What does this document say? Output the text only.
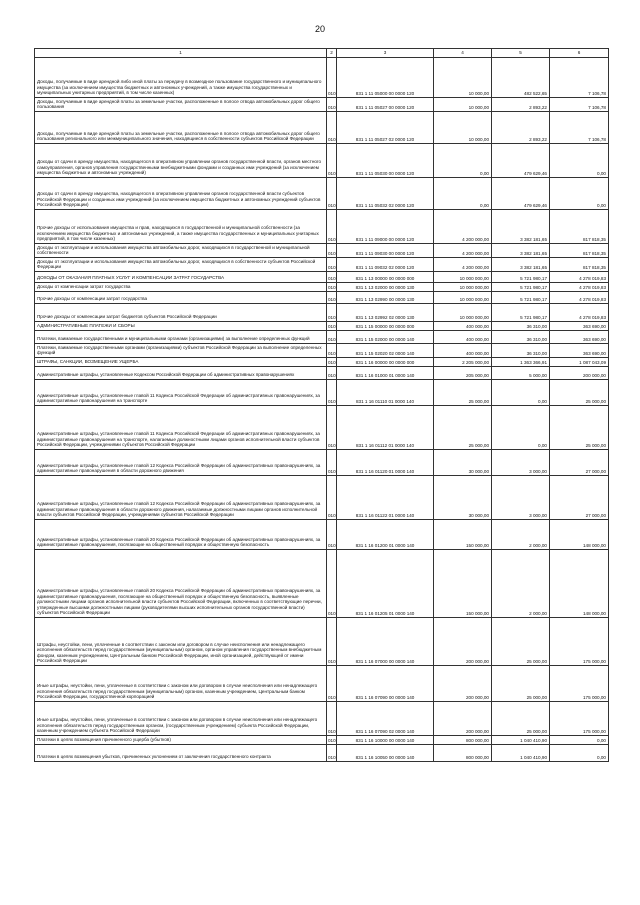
20
1	2	3	4	5	6
Доходы, получаемые в виде арендной либо иной платы за передачу в возмездное пользование государственного и муниципального имущества (за исключением имущества бюджетных и автономных учреждений, а также имущества государственных и муниципальных унитарных предприятий, в том числе казенных)	010	831 1 11 05000 00 0000 120	10 000,00	482 522,65	7 106,78
Доходы, получаемые в виде арендной платы за земельные участки, расположенные в полосе отвода автомобильных дорог общего пользования	010	831 1 11 05027 00 0000 120	10 000,00	2 893,22	7 106,78
Доходы, получаемые в виде арендной платы за земельные участки, расположенные в полосе отвода автомобильных дорог общего пользования регионального или межмуниципального значения, находящиеся в собственности субъектов Российской Федерации	010	831 1 11 05027 02 0000 120	10 000,00	2 893,22	7 106,78
Доходы от сдачи в аренду имущества, находящегося в оперативном управлении органов государственной власти, органов местного самоуправления, органов управления государственными внебюджетными фондами и созданных ими учреждений (за исключением имущества бюджетных и автономных учреждений)	010	831 1 11 05030 00 0000 120	0,00	479 629,46	0,00
Доходы от сдачи в аренду имущества, находящегося в оперативном управлении органов государственной власти субъектов Российской Федерации и созданных ими учреждений (за исключением имущества бюджетных и автономных учреждений субъектов Российской Федерации)	010	831 1 11 05032 02 0000 120	0,00	479 629,46	0,00
Прочие доходы от использования имущества и прав, находящихся в государственной и муниципальной собственности (за исключением имущества бюджетных и автономных учреждений, а также имущества государственных и муниципальных унитарных предприятий, в том числе казенных)	010	831 1 11 09000 00 0000 120	4 200 000,00	3 382 181,65	817 818,35
Доходы от эксплуатации и использования имущества автомобильных дорог, находящихся в государственной и муниципальной собственности	010	831 1 11 09030 00 0000 120	4 200 000,00	3 382 181,65	817 818,35
Доходы от эксплуатации и использования имущества автомобильных дорог, находящихся в собственности субъектов Российской Федерации	010	831 1 11 09032 02 0000 120	4 200 000,00	3 382 181,65	817 818,35
ДОХОДЫ ОТ ОКАЗАНИЯ ПЛАТНЫХ УСЛУГ И КОМПЕНСАЦИИ ЗАТРАТ ГОСУДАРСТВА	010	831 1 13 00000 00 0000 000	10 000 000,00	5 721 980,17	4 278 019,83
Доходы от компенсации затрат государства	010	831 1 13 02000 00 0000 130	10 000 000,00	5 721 980,17	4 278 019,83
Прочие доходы от компенсации затрат государства	010	831 1 13 02990 00 0000 130	10 000 000,00	5 721 980,17	4 278 019,83
Прочие доходы от компенсации затрат бюджетов субъектов Российской Федерации	010	831 1 13 02992 02 0000 130	10 000 000,00	5 721 980,17	4 278 019,83
АДМИНИСТРАТИВНЫЕ ПЛАТЕЖИ И СБОРЫ	010	831 1 15 00000 00 0000 000	400 000,00	36 310,00	363 690,00
Платежи, взимаемые государственными и муниципальными органами (организациями) за выполнение определенных функций	010	831 1 15 02000 00 0000 140	400 000,00	36 310,00	363 690,00
Платежи, взимаемые государственными органами (организациями) субъектов Российской Федерации за выполнение определенных функций	010	831 1 15 02020 02 0000 140	400 000,00	36 310,00	363 690,00
ШТРАФЫ, САНКЦИИ, ВОЗМЕЩЕНИЕ УЩЕРБА	010	831 1 16 00000 00 0000 000	2 205 000,00	1 363 366,91	1 087 043,09
Административные штрафы, установленные Кодексом Российской Федерации об административных правонарушениях	010	831 1 16 01000 01 0000 140	205 000,00	5 000,00	200 000,00
Административные штрафы, установленные главой 11 Кодекса Российской Федерации об административных правонарушениях, за административные правонарушения на транспорте	010	831 1 16 01110 01 0000 140	25 000,00	0,00	25 000,00
Административные штрафы, установленные главой 11 Кодекса Российской Федерации об административных правонарушениях, за административные правонарушения на транспорте, налагаемые должностными лицами органов исполнительной власти субъектов Российской Федерации, учреждениями субъектов Российской Федерации	010	831 1 16 01112 01 0000 140	25 000,00	0,00	25 000,00
Административные штрафы, установленные главой 12 Кодекса Российской Федерации об административных правонарушениях, за административные правонарушения в области дорожного движения	010	831 1 16 01120 01 0000 140	30 000,00	3 000,00	27 000,00
Административные штрафы, установленные главой 12 Кодекса Российской Федерации об административных правонарушениях, за административные правонарушения в области дорожного движения, налагаемые должностными лицами органов исполнительной власти субъектов Российской Федерации, учреждениями субъектов Российской Федерации	010	831 1 16 01122 01 0000 140	30 000,00	3 000,00	27 000,00
Административные штрафы, установленные главой 20 Кодекса Российской Федерации об административных правонарушениях, за административные правонарушения, посягающие на общественный порядок и общественную безопасность	010	831 1 16 01200 01 0000 140	150 000,00	2 000,00	148 000,00
Административные штрафы, установленные главой 20 Кодекса Российской Федерации об административных правонарушениях, за административные правонарушения, посягающие на общественный порядок и общественную безопасность, выявленные должностными лицами органов исполнительной власти субъектов Российской Федерации, включенных в соответствующие перечни, утвержденные высшими должностными лицами (руководителями высших исполнительных органов государственной власти) субъектов Российской Федерации	010	831 1 16 01205 01 0000 140	150 000,00	2 000,00	148 000,00
Штрафы, неустойки, пени, уплаченные в соответствии с законом или договором в случае неисполнения или ненадлежащего исполнения обязательств перед государственным (муниципальным) органом, органом управления государственным внебюджетным фондом, казенным учреждением, Центральным банком Российской Федерации, иной организацией, действующей от имени Российской Федерации	010	831 1 16 07000 00 0000 140	200 000,00	25 000,00	175 000,00
Иные штрафы, неустойки, пени, уплаченные в соответствии с законом или договором в случае неисполнения или ненадлежащего исполнения обязательств перед государственным (муниципальным) органом, казенным учреждением, Центральным банком Российской Федерации, государственной корпорацией	010	831 1 16 07090 00 0000 140	200 000,00	25 000,00	175 000,00
Иные штрафы, неустойки, пени, уплаченные в соответствии с законом или договором в случае неисполнения или ненадлежащего исполнения обязательств перед государственным органом, (государственным учреждением) субъекта Российской Федерации, казенным учреждением субъекта Российской Федерации	010	831 1 16 07090 02 0000 140	200 000,00	25 000,00	175 000,00
Платежи в целях возмещения причиненного ущерба (убытков)	010	831 1 16 10000 00 0000 140	800 000,00	1 040 410,90	0,00
Платежи в целях возмещения убытков, причиненных уклонением от заключения государственного контракта	010	831 1 16 10050 00 0000 140	800 000,00	1 040 410,90	0,00
